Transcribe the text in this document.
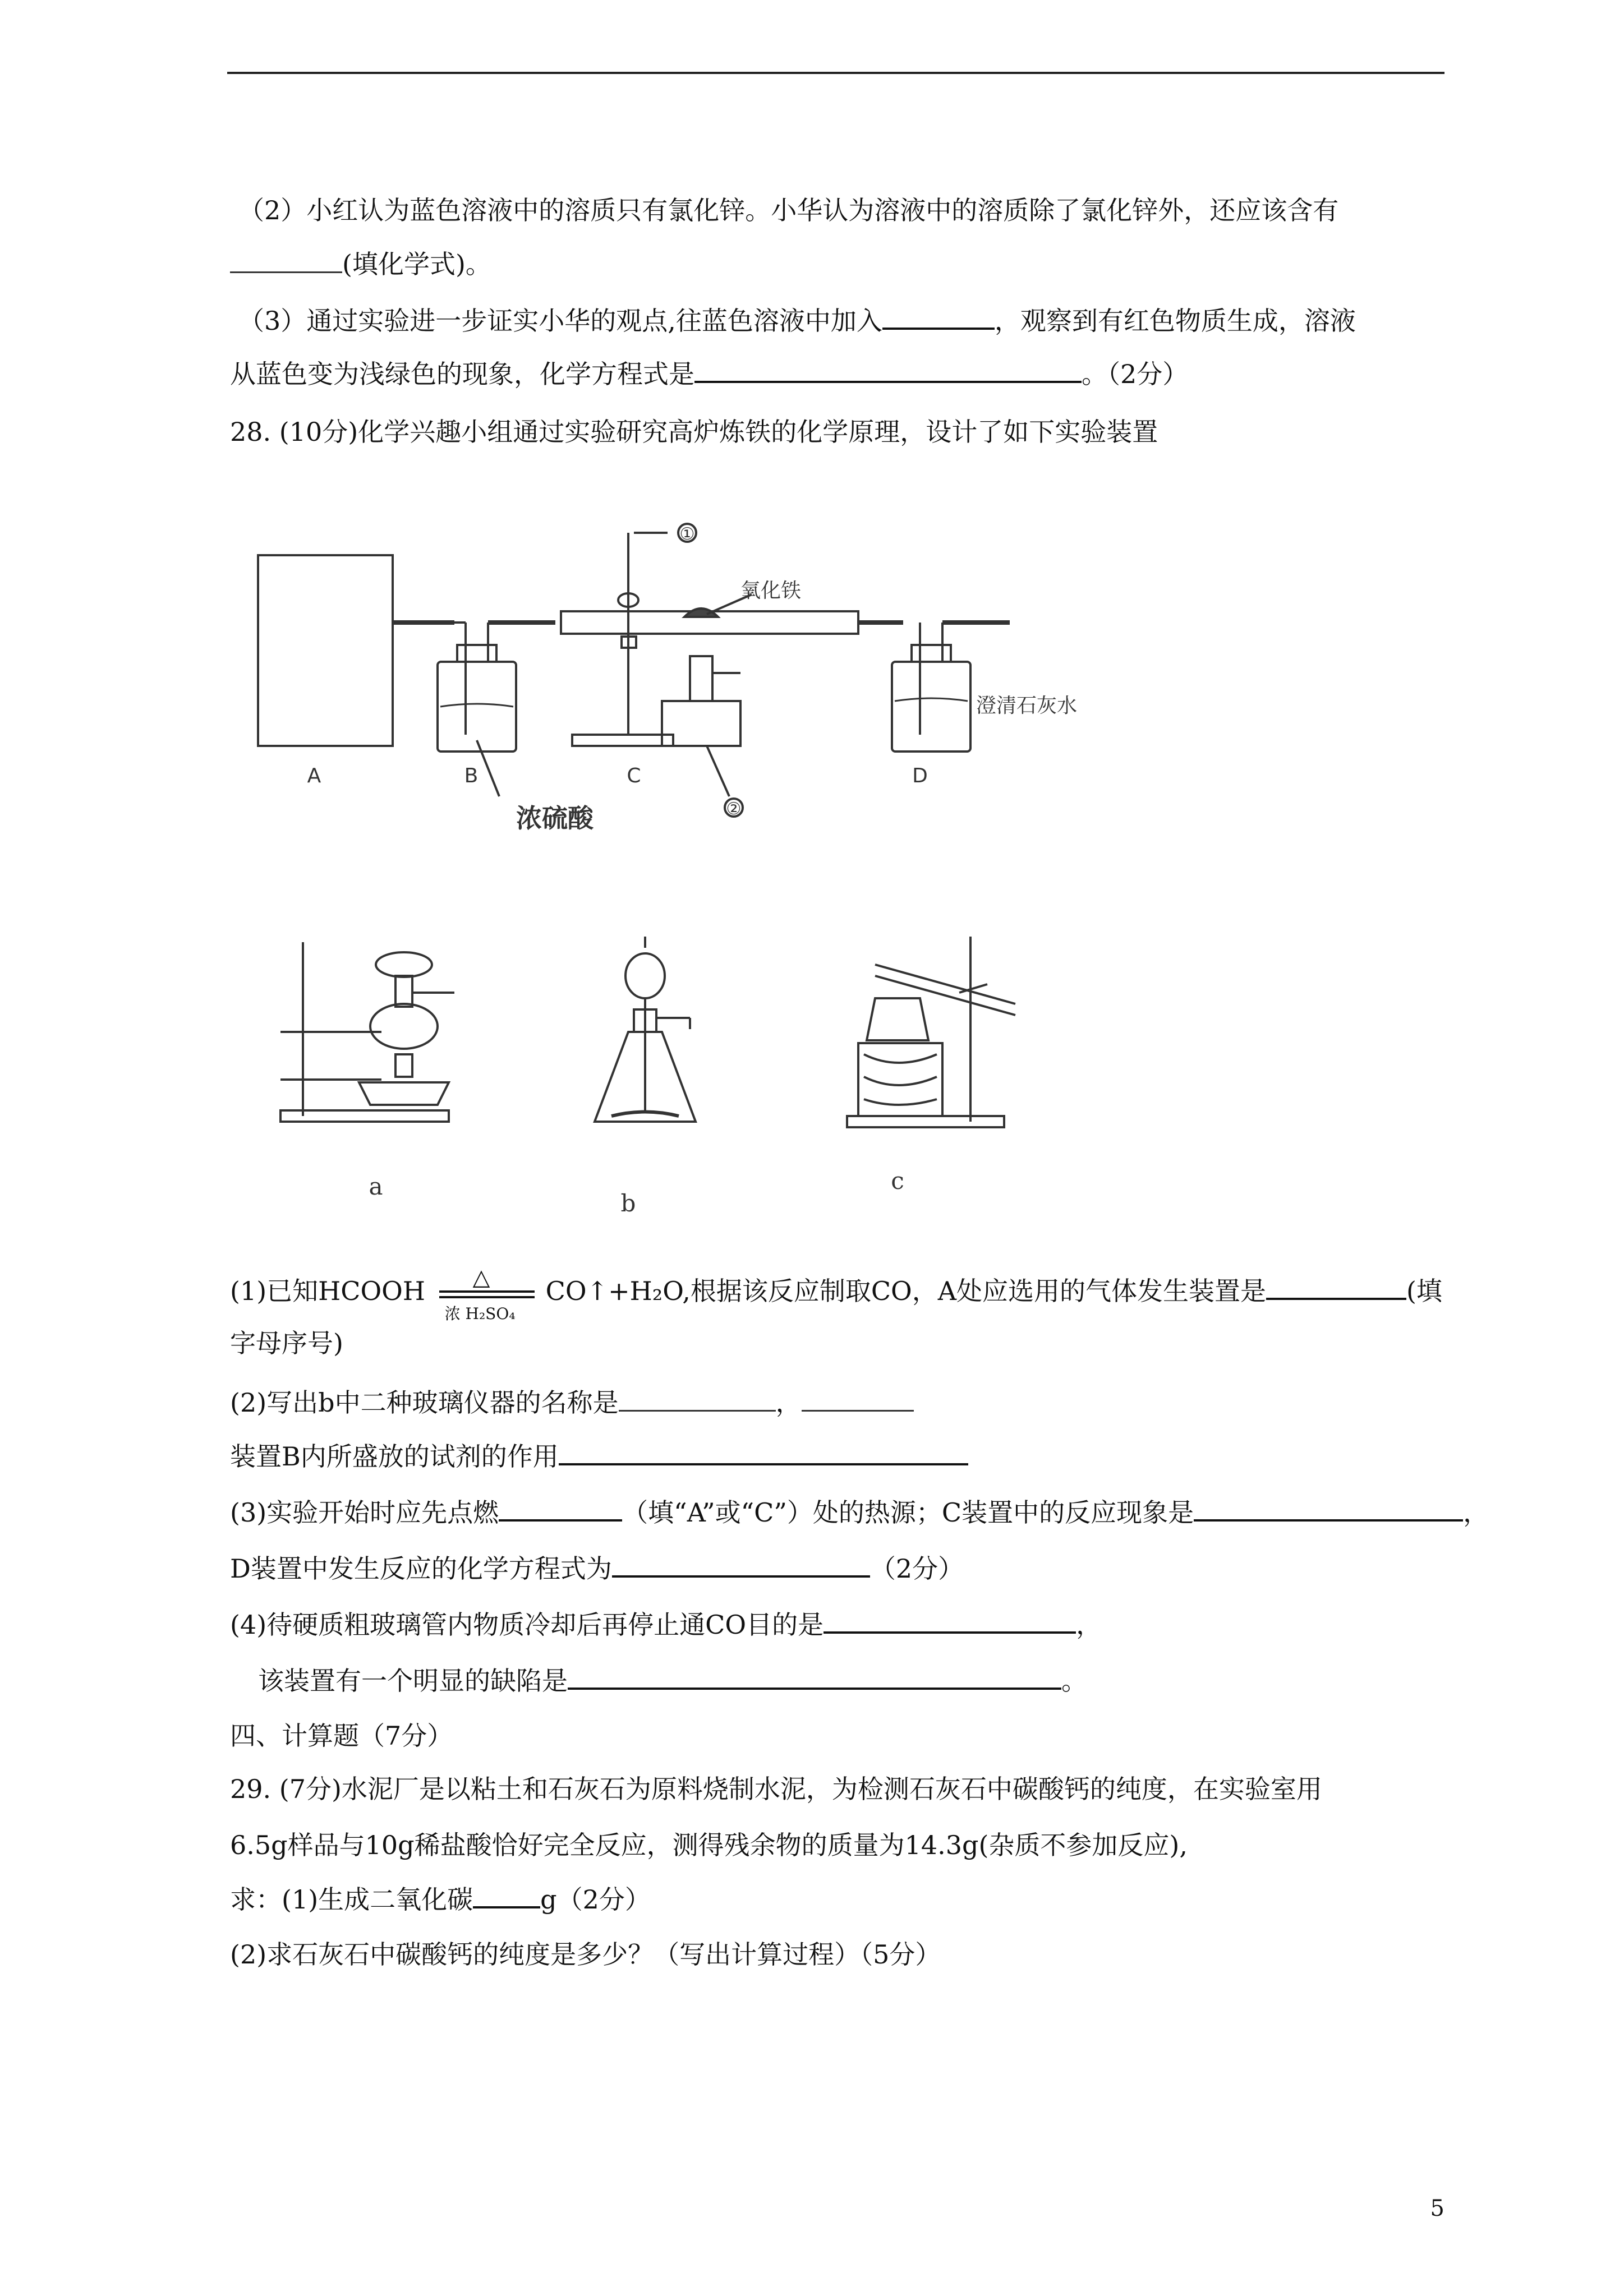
（2）小红认为蓝色溶液中的溶质只有氯化锌。小华认为溶液中的溶质除了氯化锌外，还应该含有
(填化学式)。
（3）通过实验进一步证实小华的观点,往蓝色溶液中加入	，观察到有红色物质生成，溶液
从蓝色变为浅绿色的现象，化学方程式是	。（2分）
28. (10分)化学兴趣小组通过实验研究高炉炼铁的化学原理，设计了如下实验装置
①
②
氧化铁
澄清石灰水
浓硫酸
A	B	C	D
a
b
c
(1)已知HCOOH △
浓 H₂SO₄
CO↑+H₂O,根据该反应制取CO，A处应选用的气体发生装置是	(填
字母序号)
(2)写出b中二种玻璃仪器的名称是	，
装置B内所盛放的试剂的作用
(3)实验开始时应先点燃	（填“A”或“C”）处的热源；C装置中的反应现象是	，
D装置中发生反应的化学方程式为	（2分）
(4)待硬质粗玻璃管内物质冷却后再停止通CO目的是	，
该装置有一个明显的缺陷是	。
四、计算题（7分）
29. (7分)水泥厂是以粘土和石灰石为原料烧制水泥，为检测石灰石中碳酸钙的纯度，在实验室用
6.5g样品与10g稀盐酸恰好完全反应，测得残余物的质量为14.3g(杂质不参加反应),
求：(1)生成二氧化碳	g（2分）
(2)求石灰石中碳酸钙的纯度是多少？（写出计算过程）（5分）
5
